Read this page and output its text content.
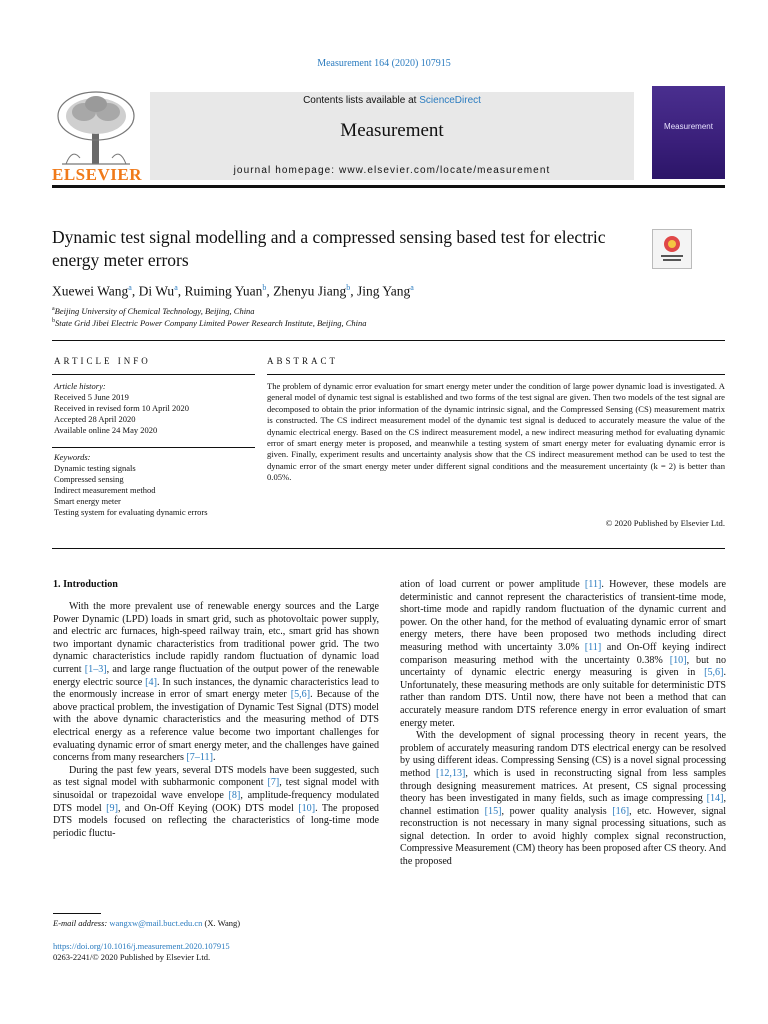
Measurement 164 (2020) 107915
ELSEVIER
Contents lists available at ScienceDirect
Measurement
journal homepage: www.elsevier.com/locate/measurement
Measurement
Dynamic test signal modelling and a compressed sensing based test for electric energy meter errors
Xuewei Wang$^a$, Di Wu$^a$, Ruiming Yuan$^b$, Zhenyu Jiang$^b$, Jing Yang$^a$
$^a$Beijing University of Chemical Technology, Beijing, China
$^b$State Grid Jibei Electric Power Company Limited Power Research Institute, Beijing, China
ARTICLE INFO	ABSTRACT
Article history:
Received 5 June 2019
Received in revised form 10 April 2020
Accepted 28 April 2020
Available online 24 May 2020
Keywords:
Dynamic testing signals
Compressed sensing
Indirect measurement method
Smart energy meter
Testing system for evaluating dynamic errors
The problem of dynamic error evaluation for smart energy meter under the condition of large power dynamic load is investigated. A general model of dynamic test signal is established and two forms of the test signal are given. Then two models of the test signal are decomposed to obtain the prior information of the dynamic intrinsic signal, and the Compressed Sensing (CS) measurement matrix is constructed. The CS indirect measurement model of the dynamic test signal is deduced to accurately measure the value of the dynamic electrical energy. Based on the CS indirect measurement model, a new indirect measuring method for evaluating dynamic error of smart energy meter is proposed, and meanwhile a testing system of smart energy meter for evaluating dynamic error is given. Finally, experiment results and uncertainty analysis show that the CS indirect measurement method can be used to test the dynamic error of the smart energy meter under different signal conditions and the measurement uncertainty (k = 2) is better than 0.05%.
© 2020 Published by Elsevier Ltd.
1. Introduction

With the more prevalent use of renewable energy sources and the Large Power Dynamic (LPD) loads in smart grid, such as photovoltaic power supply, and electric arc furnaces, high-speed railway train, etc., smart grid has shown two important dynamic characteristics from traditional power grid. The two dynamic characteristics include rapidly random fluctuation of dynamic load current [1–3], and large range fluctuation of the output power of the renewable energy electric source [4]. In such instances, the dynamic characteristics lead to the enormously increase in error of smart energy meter [5,6]. Because of the above practical problem, the investigation of Dynamic Test Signal (DTS) model with the above dynamic characteristics and the measuring method of DTS electrical energy as a reference value become two important challenges for evaluating dynamic error of smart energy meter, and the challenges have gained concerns from many researchers [7–11].

During the past few years, several DTS models have been suggested, such as test signal model with subharmonic component [7], test signal model with sinusoidal or trapezoidal wave envelope [8], amplitude-frequency modulated DTS model [9], and On-Off Keying (OOK) DTS model [10]. The proposed DTS models focused on reflecting the characteristics of long-time mode periodic fluctu-

ation of load current or power amplitude [11]. However, these models are deterministic and cannot represent the characteristics of transient-time mode, short-time mode and rapidly random fluctuation of the dynamic current and power. On the other hand, for the method of evaluating dynamic error of smart energy meters, there have been proposed two methods including direct measuring method with uncertainty 3.0% [11] and On-Off keying indirect comparison measuring method with the uncertainty 0.38% [10], but no uncertainty of dynamic electric energy measuring is given in [5,6]. Unfortunately, these measuring methods are only suitable for deterministic DTS rather than random DTS. Until now, there have not been a method that can accurately measure random DTS reference energy in error evaluation of smart energy meter.

With the development of signal processing theory in recent years, the problem of accurately measuring random DTS electrical energy can be resolved by using different ideas. Compressing Sensing (CS) is a novel signal processing method [12,13], which is used in reconstructing signal from less samples through designing measurement matrices. At present, CS signal processing theory has been investigated in many fields, such as image compressing [14], channel estimation [15], power quality analysis [16], etc. However, signal reconstruction is not necessary in many signal processing situations, such as signal detection. In order to avoid highly complex signal reconstruction, Compressive Measurement (CM) theory has been proposed after CS theory. And the proposed

E-mail address: wangxw@mail.buct.edu.cn (X. Wang)
https://doi.org/10.1016/j.measurement.2020.107915
0263-2241/© 2020 Published by Elsevier Ltd.
